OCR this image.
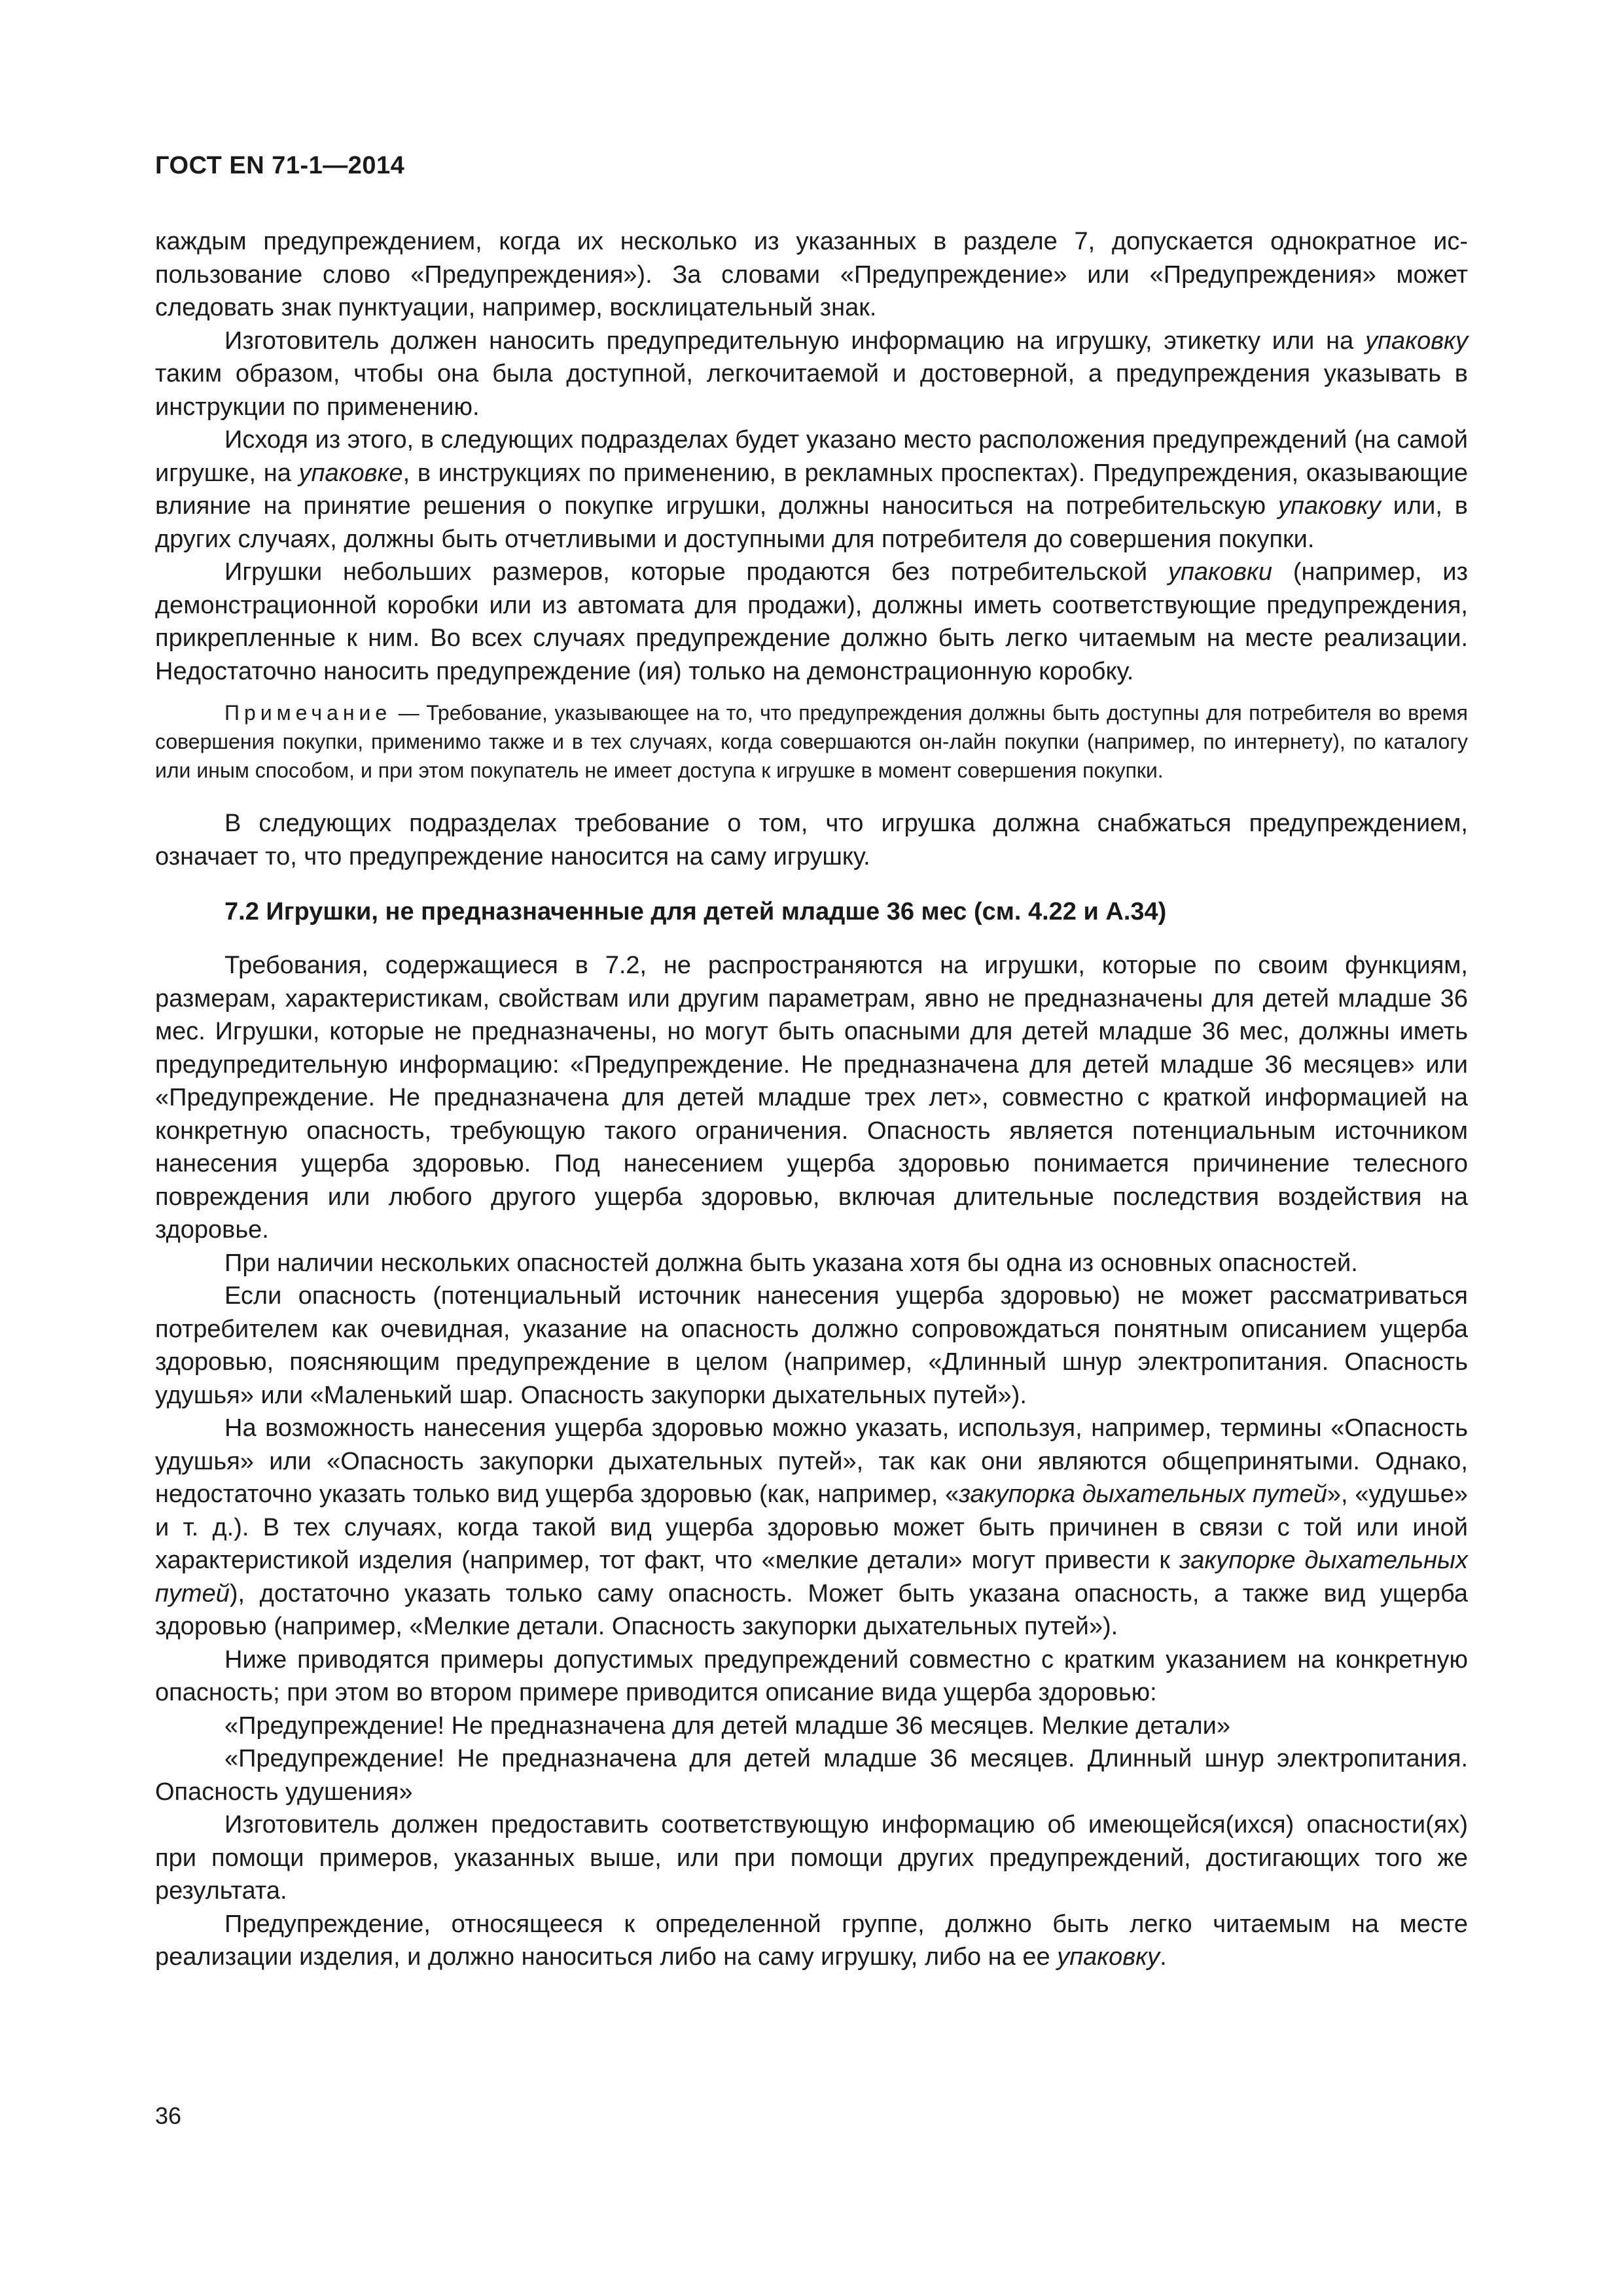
ГОСТ EN 71-1—2014

каждым предупреждением, когда их несколько из указанных в разделе 7, допускается однократное использование слово «Предупреждения»). За словами «Предупреждение» или «Предупреждения» может следовать знак пунктуации, например, восклицательный знак.

Изготовитель должен наносить предупредительную информацию на игрушку, этикетку или на упаковку таким образом, чтобы она была доступной, легкочитаемой и достоверной, а предупреждения указывать в инструкции по применению.

Исходя из этого, в следующих подразделах будет указано место расположения предупреждений (на самой игрушке, на упаковке, в инструкциях по применению, в рекламных проспектах). Предупреждения, оказывающие влияние на принятие решения о покупке игрушки, должны наноситься на потребительскую упаковку или, в других случаях, должны быть отчетливыми и доступными для потребителя до совершения покупки.

Игрушки небольших размеров, которые продаются без потребительской упаковки (например, из демонстрационной коробки или из автомата для продажи), должны иметь соответствующие предупреждения, прикрепленные к ним. Во всех случаях предупреждение должно быть легко читаемым на месте реализации. Недостаточно наносить предупреждение (ия) только на демонстрационную коробку.

Примечание — Требование, указывающее на то, что предупреждения должны быть доступны для потребителя во время совершения покупки, применимо также и в тех случаях, когда совершаются он-лайн покупки (например, по интернету), по каталогу или иным способом, и при этом покупатель не имеет доступа к игрушке в момент совершения покупки.

В следующих подразделах требование о том, что игрушка должна снабжаться предупреждением, означает то, что предупреждение наносится на саму игрушку.

7.2 Игрушки, не предназначенные для детей младше 36 мес (см. 4.22 и А.34)

Требования, содержащиеся в 7.2, не распространяются на игрушки, которые по своим функциям, размерам, характеристикам, свойствам или другим параметрам, явно не предназначены для детей младше 36 мес. Игрушки, которые не предназначены, но могут быть опасными для детей младше 36 мес, должны иметь предупредительную информацию: «Предупреждение. Не предназначена для детей младше 36 месяцев» или «Предупреждение. Не предназначена для детей младше трех лет», совместно с краткой информацией на конкретную опасность, требующую такого ограничения. Опасность является потенциальным источником нанесения ущерба здоровью. Под нанесением ущерба здоровью понимается причинение телесного повреждения или любого другого ущерба здоровью, включая длительные последствия воздействия на здоровье.

При наличии нескольких опасностей должна быть указана хотя бы одна из основных опасностей.

Если опасность (потенциальный источник нанесения ущерба здоровью) не может рассматриваться потребителем как очевидная, указание на опасность должно сопровождаться понятным описанием ущерба здоровью, поясняющим предупреждение в целом (например, «Длинный шнур электропитания. Опасность удушья» или «Маленький шар. Опасность закупорки дыхательных путей»).

На возможность нанесения ущерба здоровью можно указать, используя, например, термины «Опасность удушья» или «Опасность закупорки дыхательных путей», так как они являются общепринятыми. Однако, недостаточно указать только вид ущерба здоровью (как, например, «закупорка дыхательных путей», «удушье» и т. д.). В тех случаях, когда такой вид ущерба здоровью может быть причинен в связи с той или иной характеристикой изделия (например, тот факт, что «мелкие детали» могут привести к закупорке дыхательных путей), достаточно указать только саму опасность. Может быть указана опасность, а также вид ущерба здоровью (например, «Мелкие детали. Опасность закупорки дыхательных путей»).

Ниже приводятся примеры допустимых предупреждений совместно с кратким указанием на конкретную опасность; при этом во втором примере приводится описание вида ущерба здоровью:

«Предупреждение! Не предназначена для детей младше 36 месяцев. Мелкие детали»

«Предупреждение! Не предназначена для детей младше 36 месяцев. Длинный шнур электропитания. Опасность удушения»

Изготовитель должен предоставить соответствующую информацию об имеющейся(ихся) опасности(ях) при помощи примеров, указанных выше, или при помощи других предупреждений, достигающих того же результата.

Предупреждение, относящееся к определенной группе, должно быть легко читаемым на месте реализации изделия, и должно наноситься либо на саму игрушку, либо на ее упаковку.

36
